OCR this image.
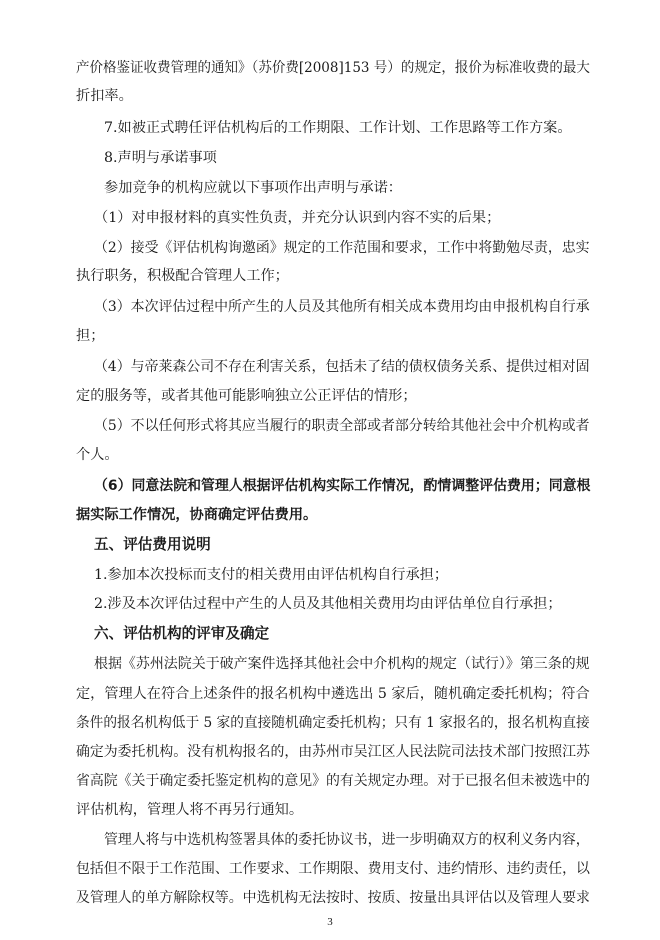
产价格鉴证收费管理的通知》（苏价费[2008]153 号）的规定，报价为标准收费的最大
折扣率。
7.如被正式聘任评估机构后的工作期限、工作计划、工作思路等工作方案。
8.声明与承诺事项
参加竞争的机构应就以下事项作出声明与承诺：
（1）对申报材料的真实性负责，并充分认识到内容不实的后果；
（2）接受《评估机构询邀函》规定的工作范围和要求，工作中将勤勉尽责，忠实
执行职务，积极配合管理人工作；
（3）本次评估过程中所产生的人员及其他所有相关成本费用均由申报机构自行承
担；
（4）与帝莱森公司不存在利害关系，包括未了结的债权债务关系、提供过相对固
定的服务等，或者其他可能影响独立公正评估的情形；
（5）不以任何形式将其应当履行的职责全部或者部分转给其他社会中介机构或者
个人。
（6）同意法院和管理人根据评估机构实际工作情况，酌情调整评估费用；同意根
据实际工作情况，协商确定评估费用。
五、评估费用说明
1.参加本次投标而支付的相关费用由评估机构自行承担；
2.涉及本次评估过程中产生的人员及其他相关费用均由评估单位自行承担；
六、评估机构的评审及确定
根据《苏州法院关于破产案件选择其他社会中介机构的规定（试行）》第三条的规
定，管理人在符合上述条件的报名机构中遴选出 5 家后，随机确定委托机构；符合
条件的报名机构低于 5 家的直接随机确定委托机构；只有 1 家报名的，报名机构直接
确定为委托机构。没有机构报名的，由苏州市吴江区人民法院司法技术部门按照江苏
省高院《关于确定委托鉴定机构的意见》的有关规定办理。对于已报名但未被选中的
评估机构，管理人将不再另行通知。
管理人将与中选机构签署具体的委托协议书，进一步明确双方的权利义务内容，
包括但不限于工作范围、工作要求、工作期限、费用支付、违约情形、违约责任，以
及管理人的单方解除权等。中选机构无法按时、按质、按量出具评估以及管理人要求
3
